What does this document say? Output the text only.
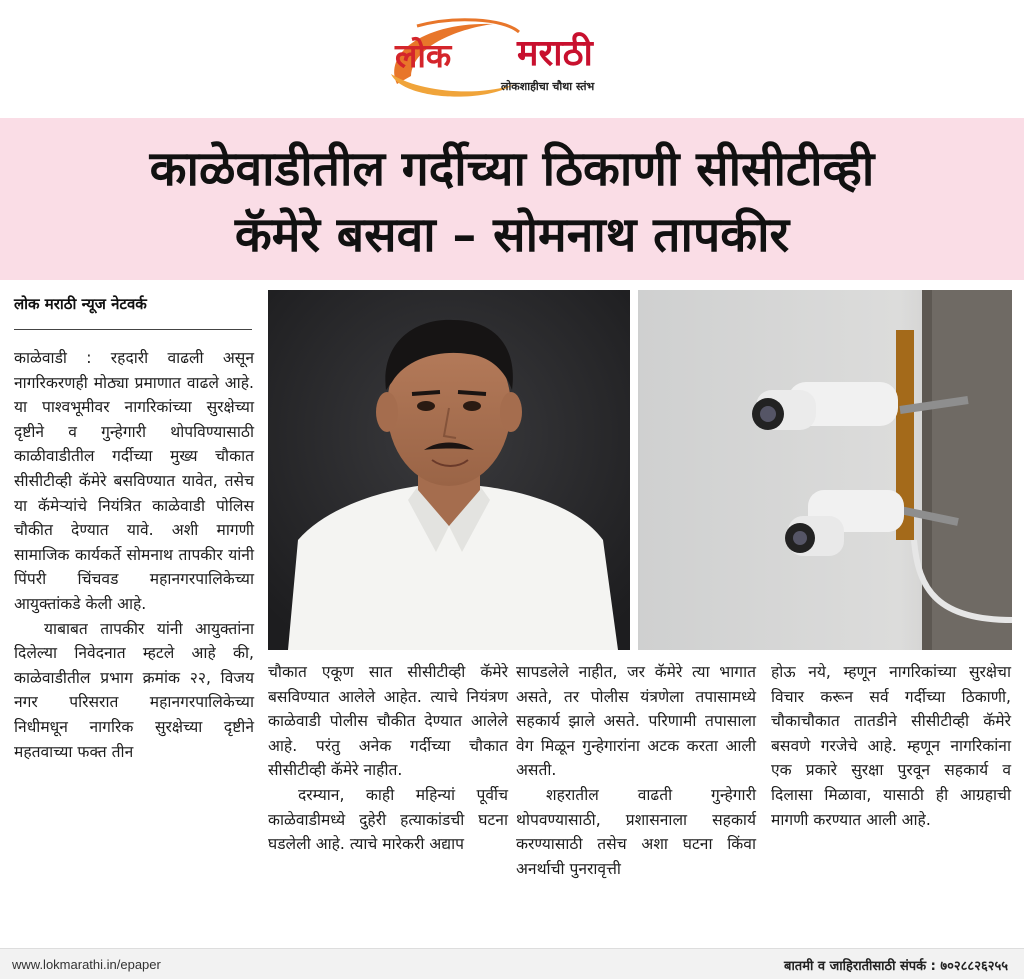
लोक मराठी
लोकशाहीचा चौथा स्तंभ
काळेवाडीतील गर्दीच्या ठिकाणी सीसीटीव्ही
कॅमेरे बसवा – सोमनाथ तापकीर
लोक मराठी न्यूज नेटवर्क

काळेवाडी : रहदारी वाढली असून नागरिकरणही मोठ्या प्रमाणात वाढले आहे. या पाश्वभूमीवर नागरिकांच्या सुरक्षेच्या दृष्टीने व गुन्हेगारी थोपविण्यासाठी काळीवाडीतील गर्दीच्या मुख्य चौकात सीसीटीव्ही कॅमेरे बसविण्यात यावेत, तसेच या कॅमेर्‍यांचे नियंत्रित काळेवाडी पोलिस चौकीत देण्यात यावे. अशी मागणी सामाजिक कार्यकर्ते सोमनाथ तापकीर यांनी पिंपरी चिंचवड महानगरपालिकेच्या आयुक्तांकडे केली आहे.

याबाबत तापकीर यांनी आयुक्तांना दिलेल्या निवेदनात म्हटले आहे की, काळेवाडीतील प्रभाग क्रमांक २२, विजय नगर परिसरात महानगरपालिकेच्या निधीमधून नागरिक सुरक्षेच्या दृष्टीने महतवाच्या फक्त तीन

चौकात एकूण सात सीसीटीव्ही कॅमेरे बसविण्यात आलेले आहेत. त्याचे नियंत्रण काळेवाडी पोलीस चौकीत देण्यात आलेले आहे. परंतु अनेक गर्दीच्या चौकात सीसीटीव्ही कॅमेरे नाहीत.

दरम्यान, काही महिन्यां पूर्वीच काळेवाडीमध्ये दुहेरी हत्याकांडची घटना घडलेली आहे. त्याचे मारेकरी अद्याप

सापडलेले नाहीत, जर कॅमेरे त्या भागात असते, तर पोलीस यंत्रणेला तपासामध्ये सहकार्य झाले असते. परिणामी तपासाला वेग मिळून गुन्हेगारांना अटक करता आली असती.

शहरातील वाढती गुन्हेगारी थोपवण्यासाठी, प्रशासनाला सहकार्य करण्यासाठी तसेच अशा घटना किंवा अनर्थाची पुनरावृत्ती

होऊ नये, म्हणून नागरिकांच्या सुरक्षेचा विचार करून सर्व गर्दीच्या ठिकाणी, चौकाचौकात तातडीने सीसीटीव्ही कॅमेरे बसवणे गरजेचे आहे. म्हणून नागरिकांना एक प्रकारे सुरक्षा पुरवून सहकार्य व दिलासा मिळावा, यासाठी ही आग्रहाची मागणी करण्यात आली आहे.

www.lokmarathi.in/epaper	बातमी व जाहिरातीसाठी संपर्क : ७०२८८२६२५५
